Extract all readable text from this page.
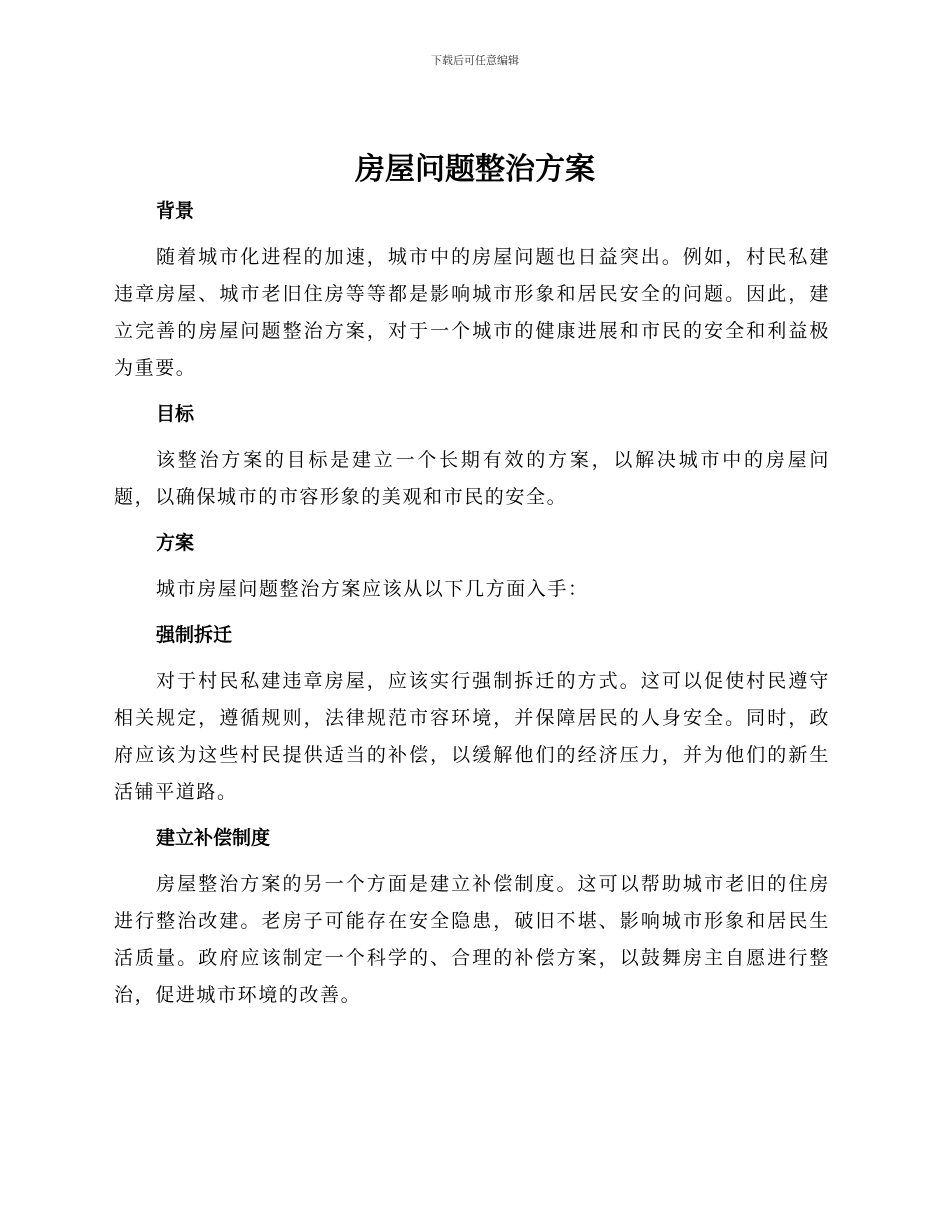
下载后可任意编辑
房屋问题整治方案
背景

随着城市化进程的加速，城市中的房屋问题也日益突出。例如，村民私建违章房屋、城市老旧住房等等都是影响城市形象和居民安全的问题。因此，建立完善的房屋问题整治方案，对于一个城市的健康进展和市民的安全和利益极为重要。

目标

该整治方案的目标是建立一个长期有效的方案，以解决城市中的房屋问题，以确保城市的市容形象的美观和市民的安全。

方案

城市房屋问题整治方案应该从以下几方面入手：

强制拆迁

对于村民私建违章房屋，应该实行强制拆迁的方式。这可以促使村民遵守相关规定，遵循规则，法律规范市容环境，并保障居民的人身安全。同时，政府应该为这些村民提供适当的补偿，以缓解他们的经济压力，并为他们的新生活铺平道路。

建立补偿制度

房屋整治方案的另一个方面是建立补偿制度。这可以帮助城市老旧的住房进行整治改建。老房子可能存在安全隐患，破旧不堪、影响城市形象和居民生活质量。政府应该制定一个科学的、合理的补偿方案，以鼓舞房主自愿进行整治，促进城市环境的改善。
